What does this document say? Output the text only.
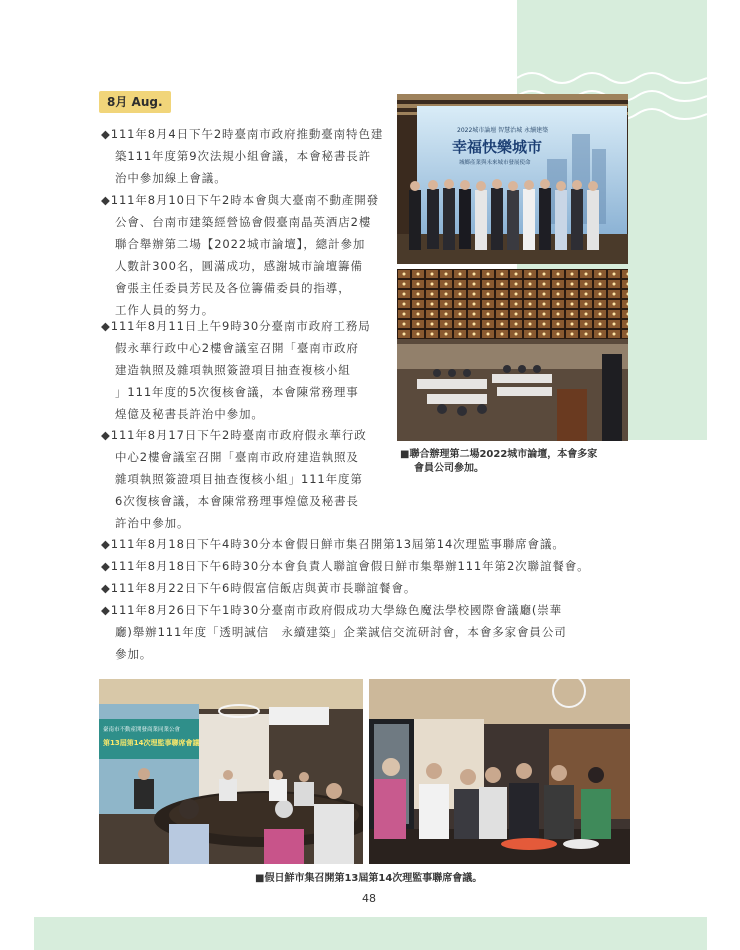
8月 Aug.
◆111年8月4日下午2時臺南市政府推動臺南特色建
築111年度第9次法規小組會議，本會秘書長許
治中參加線上會議。
◆111年8月10日下午2時本會與大臺南不動產開發
公會、台南市建築經營協會假臺南晶英酒店2樓
聯合舉辦第二場【2022城市論壇】，總計參加
人數計300名，圓滿成功，感謝城市論壇籌備
會張主任委員芳民及各位籌備委員的指導，
工作人員的努力。
◆111年8月11日上午9時30分臺南市政府工務局
假永華行政中心2樓會議室召開「臺南市政府
建造執照及雜項執照簽證項目抽查複核小組
」111年度的5次復核會議，本會陳常務理事
煌億及秘書長許治中參加。
◆111年8月17日下午2時臺南市政府假永華行政
中心2樓會議室召開「臺南市政府建造執照及
雜項執照簽證項目抽查復核小組」111年度第
6次復核會議，本會陳常務理事煌億及秘書長
許治中參加。
◆111年8月18日下午4時30分本會假日鮮市集召開第13屆第14次理監事聯席會議。
◆111年8月18日下午6時30分本會負責人聯誼會假日鮮市集舉辦111年第2次聯誼餐會。
◆111年8月22日下午6時假富信飯店與黃市長聯誼餐會。
◆111年8月26日下午1時30分臺南市政府假成功大學綠色魔法學校國際會議廳(崇華
廳)舉辦111年度「透明誠信　永續建築」企業誠信交流研討會，本會多家會員公司
參加。
2022城市論壇 智慧治城 永續建築
幸福快樂城市
城鄉產業與未來城市發展使命
■聯合辦理第二場2022城市論壇，本會多家
會員公司參加。
臺南市不動產開發商業同業公會
第13屆第14次理監事聯席會議
■假日鮮市集召開第13屆第14次理監事聯席會議。
48
